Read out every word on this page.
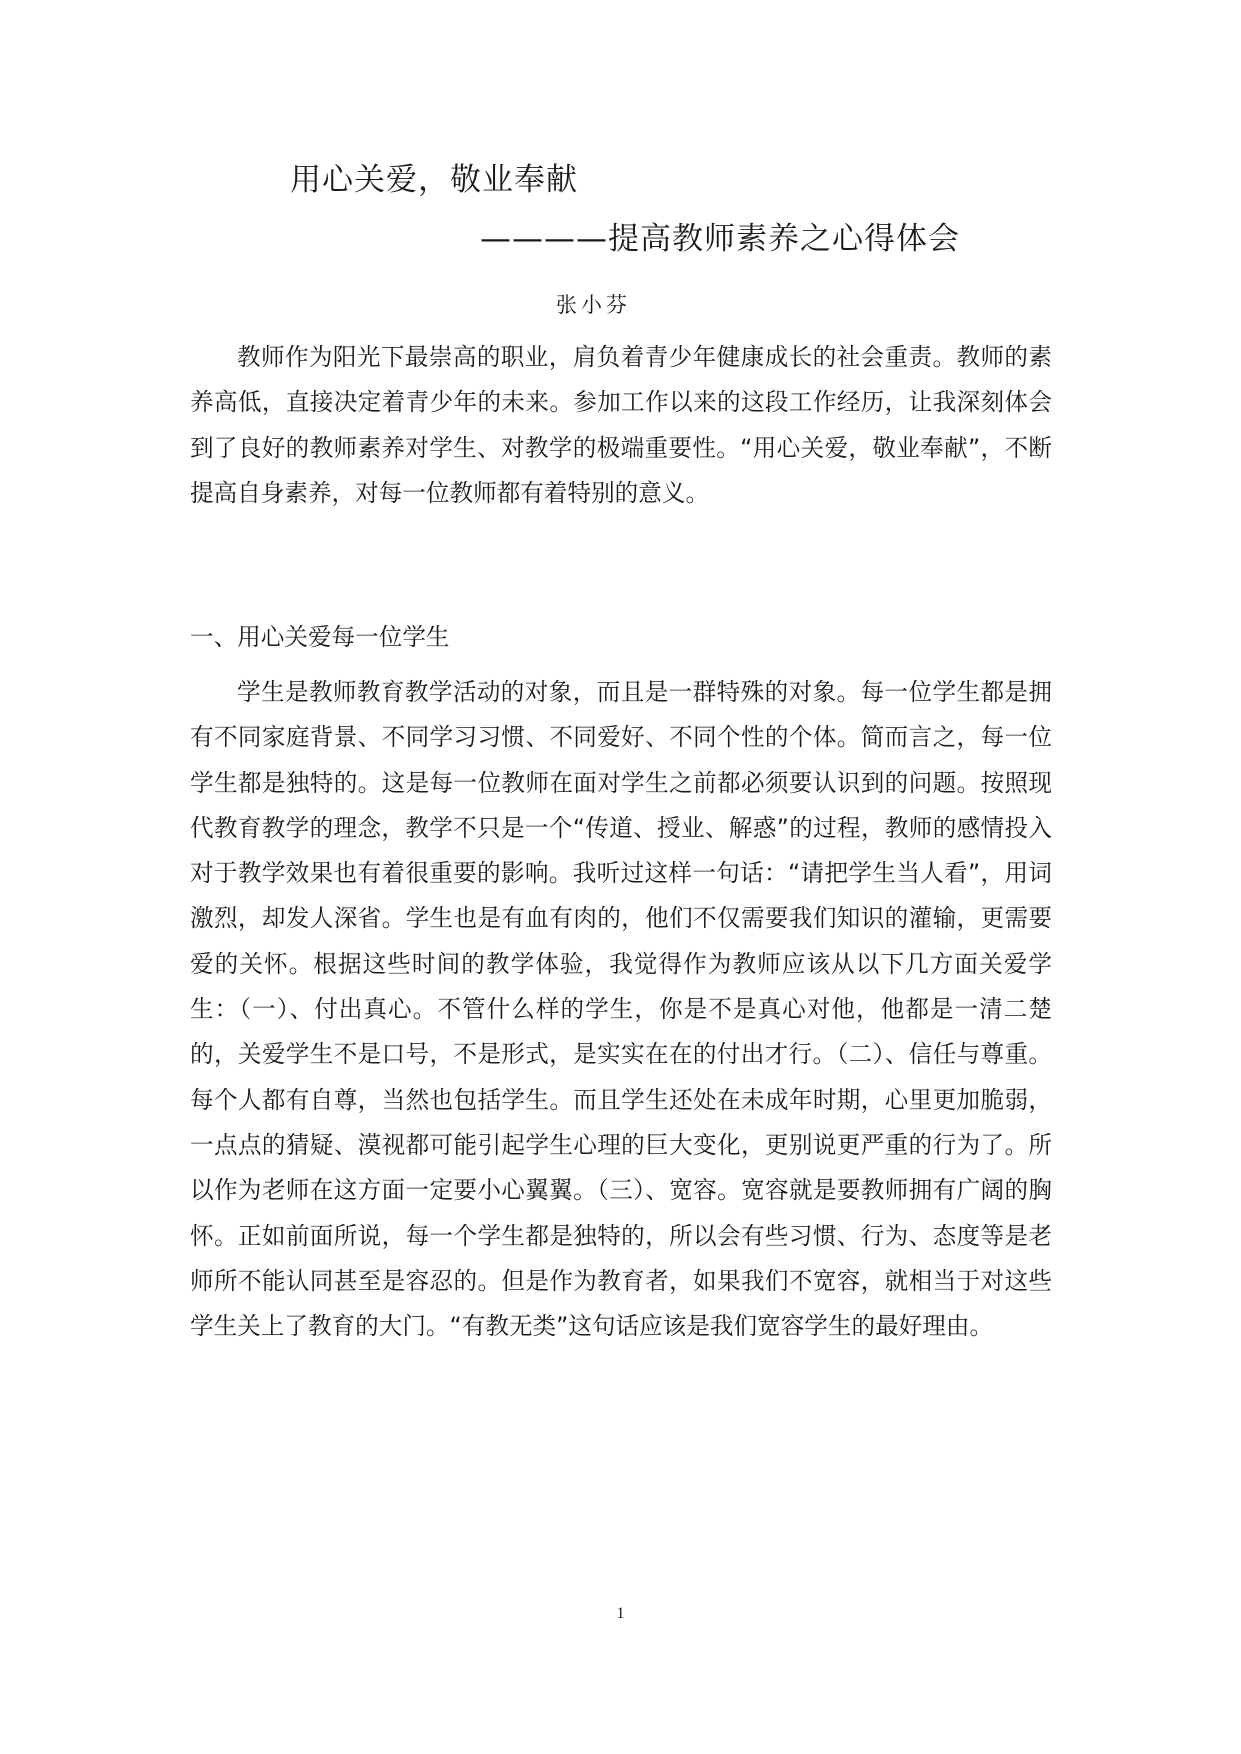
用心关爱，敬业奉献
————提高教师素养之心得体会
张小芬

教师作为阳光下最崇高的职业，肩负着青少年健康成长的社会重责。教师的素养高低，直接决定着青少年的未来。参加工作以来的这段工作经历，让我深刻体会到了良好的教师素养对学生、对教学的极端重要性。“用心关爱，敬业奉献”，不断提高自身素养，对每一位教师都有着特别的意义。

一、用心关爱每一位学生

学生是教师教育教学活动的对象，而且是一群特殊的对象。每一位学生都是拥有不同家庭背景、不同学习习惯、不同爱好、不同个性的个体。简而言之，每一位学生都是独特的。这是每一位教师在面对学生之前都必须要认识到的问题。按照现代教育教学的理念，教学不只是一个“传道、授业、解惑”的过程，教师的感情投入对于教学效果也有着很重要的影响。我听过这样一句话：“请把学生当人看”，用词激烈，却发人深省。学生也是有血有肉的，他们不仅需要我们知识的灌输，更需要爱的关怀。根据这些时间的教学体验，我觉得作为教师应该从以下几方面关爱学生：（一）、付出真心。不管什么样的学生，你是不是真心对他，他都是一清二楚的，关爱学生不是口号，不是形式，是实实在在的付出才行。（二）、信任与尊重。每个人都有自尊，当然也包括学生。而且学生还处在未成年时期，心里更加脆弱，一点点的猜疑、漠视都可能引起学生心理的巨大变化，更别说更严重的行为了。所以作为老师在这方面一定要小心翼翼。（三）、宽容。宽容就是要教师拥有广阔的胸怀。正如前面所说，每一个学生都是独特的，所以会有些习惯、行为、态度等是老师所不能认同甚至是容忍的。但是作为教育者，如果我们不宽容，就相当于对这些学生关上了教育的大门。“有教无类”这句话应该是我们宽容学生的最好理由。

1
